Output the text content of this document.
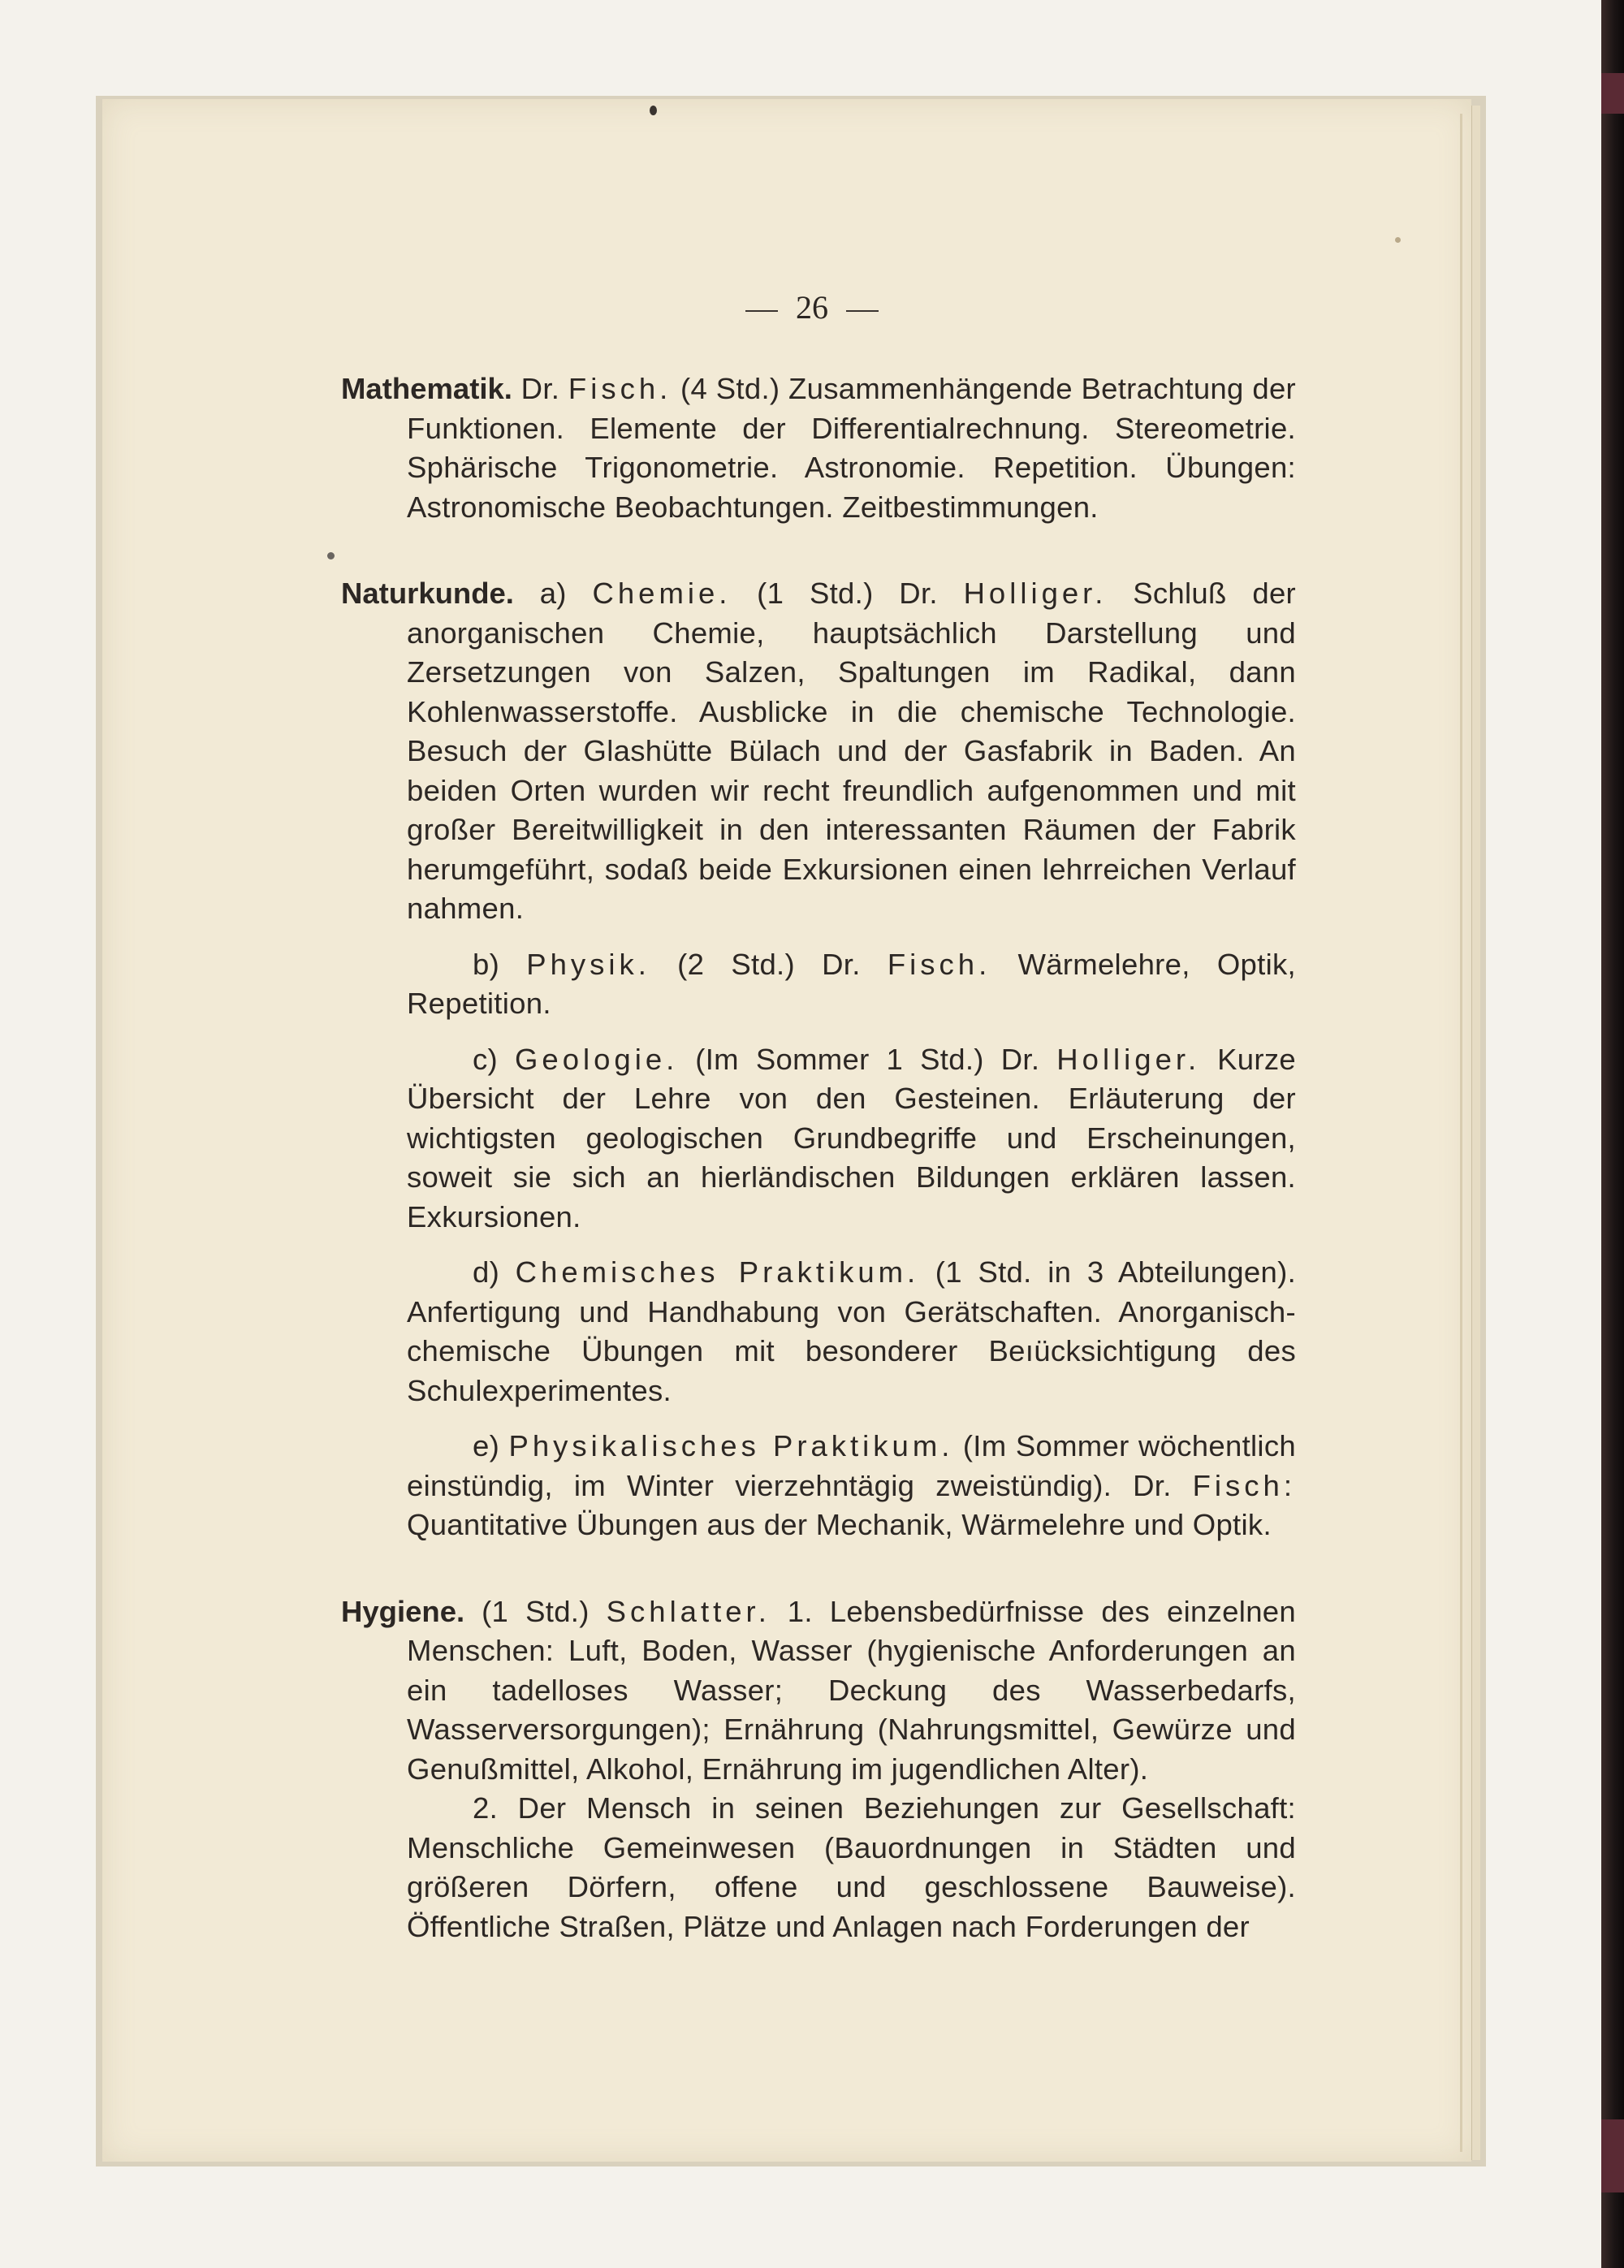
26

Mathematik. Dr. Fisch. (4 Std.) Zusammenhängende Betrachtung der Funktionen. Elemente der Differentialrechnung. Stereometrie. Sphärische Trigonometrie. Astronomie. Repetition. Übungen: Astronomische Beobachtungen. Zeitbestimmungen.

Naturkunde. a) Chemie. (1 Std.) Dr. Holliger. Schluß der anorganischen Chemie, hauptsächlich Darstellung und Zersetzungen von Salzen, Spaltungen im Radikal, dann Kohlenwasserstoffe. Ausblicke in die chemische Technologie. Besuch der Glashütte Bülach und der Gasfabrik in Baden. An beiden Orten wurden wir recht freundlich aufgenommen und mit großer Bereitwilligkeit in den interessanten Räumen der Fabrik herumgeführt, sodaß beide Exkursionen einen lehrreichen Verlauf nahmen.

b) Physik. (2 Std.) Dr. Fisch. Wärmelehre, Optik, Repetition.

c) Geologie. (Im Sommer 1 Std.) Dr. Holliger. Kurze Übersicht der Lehre von den Gesteinen. Erläuterung der wichtigsten geologischen Grundbegriffe und Erscheinungen, soweit sie sich an hierländischen Bildungen erklären lassen. Exkursionen.

d) Chemisches Praktikum. (1 Std. in 3 Abteilungen). Anfertigung und Handhabung von Gerätschaften. Anorganisch-chemische Übungen mit besonderer Beıücksichtigung des Schulexperimentes.

e) Physikalisches Praktikum. (Im Sommer wöchentlich einstündig, im Winter vierzehntägig zweistündig). Dr. Fisch: Quantitative Übungen aus der Mechanik, Wärmelehre und Optik.

Hygiene. (1 Std.) Schlatter. 1. Lebensbedürfnisse des einzelnen Menschen: Luft, Boden, Wasser (hygienische Anforderungen an ein tadelloses Wasser; Deckung des Wasserbedarfs, Wasserversorgungen); Ernährung (Nahrungsmittel, Gewürze und Genußmittel, Alkohol, Ernährung im jugendlichen Alter).

2. Der Mensch in seinen Beziehungen zur Gesellschaft: Menschliche Gemeinwesen (Bauordnungen in Städten und größeren Dörfern, offene und geschlossene Bauweise). Öffentliche Straßen, Plätze und Anlagen nach Forderungen der
